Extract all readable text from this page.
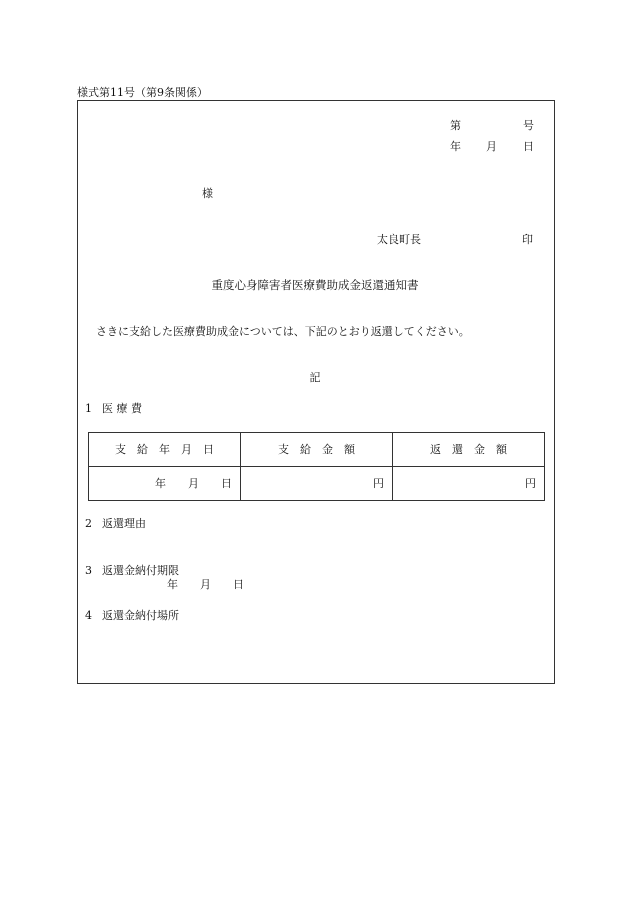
様式第11号（第9条関係）
第	号
年 月 日
様
太良町長	印
重度心身障害者医療費助成金返還通知書
さきに支給した医療費助成金については、下記のとおり返還してください。
記
1 医 療 費
支　給　年　月　日	支　給　金　額	返　還　金　額
年　　月　　日	円	円
2 返還理由
3 返還金納付期限
年　　月　　日
4 返還金納付場所
